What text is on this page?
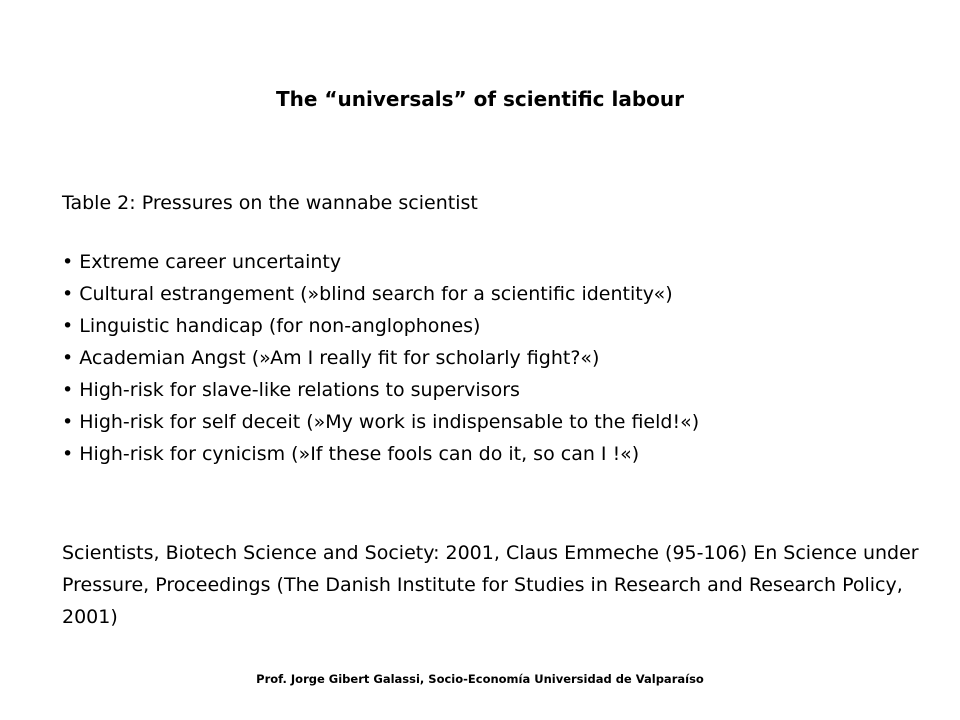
The “universals” of scientific labour

Table 2: Pressures on the wannabe scientist

• Extreme career uncertainty
• Cultural estrangement (»blind search for a scientific identity«)
• Linguistic handicap (for non-anglophones)
• Academian Angst (»Am I really fit for scholarly fight?«)
• High-risk for slave-like relations to supervisors
• High-risk for self deceit (»My work is indispensable to the field!«)
• High-risk for cynicism (»If these fools can do it, so can I !«)
Scientists, Biotech Science and Society: 2001, Claus Emmeche (95-106) En Science under Pressure, Proceedings (The Danish Institute for Studies in Research and Research Policy, 2001)
Prof. Jorge Gibert Galassi, Socio-Economía Universidad de Valparaíso
